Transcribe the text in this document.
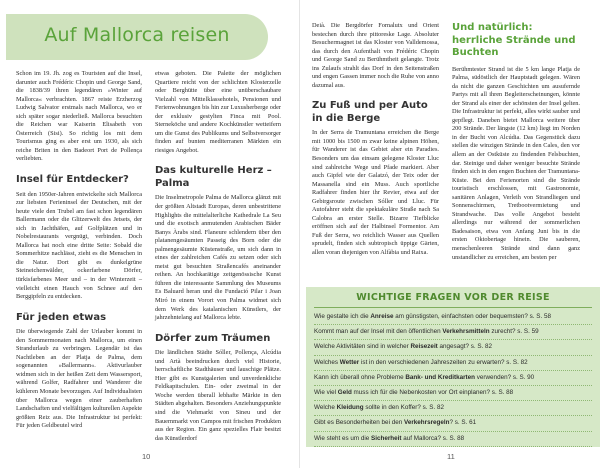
Auf Mallorca reisen
Schon im 19. Jh. zog es Touristen auf die Insel, darunter auch Frédéric Chopin und George Sand, die 1838/39 ihren legendären »Winter auf Mallorca« verbrachten. 1867 reiste Erzherzog Ludwig Salvator erstmals nach Mallorca, wo er sich später sogar niederließ. Mallorca besuchten die Reichen war Kaiserin Elisabeth von Österreich (Sisi). So richtig los mit dem Tourismus ging es aber erst um 1930, als sich reiche Briten in den Badeort Port de Pollença verliebten.
Insel für Entdecker?
Seit den 1950er-Jahren entwickelte sich Mallorca zur liebsten Ferieninsel der Deutschen, mit der heute viele den Trubel am fast schon legendären Ballermann oder die Glitzerwelt des Jetsets, der sich in Jachthäfen, auf Golfplätzen und in Nobelrestaurants vergnügt, verbinden. Doch Mallorca hat noch eine dritte Seite: Sobald die Sommerhitze nachlässt, zieht es die Menschen in die Natur. Dort gibt es dunkelgrüne Steineichenwälder, ockerfarbene Dörfer, türkisfarbenes Meer und – in der Winterzeit – vielleicht einen Hauch von Schnee auf den Berggipfeln zu entdecken.
Für jeden etwas
Die überwiegende Zahl der Urlauber kommt in den Sommermonaten nach Mallorca, um einen Strandurlaub zu verbringen. Legendär ist das Nachtleben an der Platja de Palma, dem sogenannten »Ballermann«. Aktivurlauber widmen sich in der heißen Zeit dem Wassersport, während Golfer, Radfahrer und Wanderer die kühleren Monate bevorzugen. Auf Individualisten über Mallorca wegen einer zauberhaften Landschaften und vielfältigen kulturellen Aspekte größten Reiz aus. Die Infrastruktur ist perfekt: Für jeden Geldbeutel wird
etwas geboten. Die Palette der möglichen Quartiere reicht von der schlichten Klosterzelle oder Berghütte über eine unüberschaubare Vielzahl von Mittelklassehotels, Pensionen und Ferienwohnungen bis hin zur Luxusherberge oder der exklusiv gestylten Finca mit Pool. Sterneköche und andere Kochkünstler wetteifern um die Gunst des Publikums und Selbstversorger finden auf bunten mediterranen Märkten ein riesiges Angebot.
Das kulturelle Herz – Palma
Die Inselmetropole Palma de Mallorca glänzt mit der größten Altstadt Europas, deren unbestrittene Highlights die mittelalterliche Kathedrale La Seu und die exotisch anmutenden Arabischen Bäder Banys Àrabs sind. Flaneure schlendern über den platanengesäumten Passeig des Born oder die palmengesäumte Küstenstraße, um sich dann in eines der zahlreichen Cafés zu setzen oder sich meist gut besuchten Straßencafés aneinander reihen. An hochkarätige zeitgenössische Kunst führen die interessante Sammlung des Museums Es Baluard heran und die Fundació Pilar i Joan Miró in einem Vorort von Palma widmet sich dem Werk des katalanischen Künstlers, der jahrzehntelang auf Mallorca lebte.
Dörfer zum Träumen
Die ländlichen Städte Sóller, Pollença, Alcúdia und Artà beeindrucken durch viel Historie, herrschaftliche Stadthäuser und lauschige Plätze. Hier gibt es Kunstgalerien und unverdenkliche Feldkapitschulen. Ein- oder zweimal in der Woche werden überall lebhafte Märkte in den Städten abgehalten. Besonders Anziehungspunkte sind die Viehmarkt von Sineu und der Bauernmarkt von Campos mit frischen Produkten aus der Region. Ein ganz spezielles Flair besitzt das Künstlerdorf
Deià. Die Bergdörfer Fornalutx und Orient bestechen durch ihre pittoreske Lage. Absoluter Besuchermagnet ist das Kloster von Valldemossa, das durch den Aufenthalt von Frédéric Chopin und George Sand zu Berühmtheit gelangte. Trotz ins Zulaufs strahlt das Dorf in den Seitenstraßen und engen Gassen immer noch die Ruhe von anno dazumal aus.
Zu Fuß und per Auto in die Berge
In der Serra de Tramuntana erreichen die Berge mit 1000 bis 1500 m zwar keine alpinen Höhen, für Wanderer ist das Gebiet aber ein Paradies. Besonders um das einsam gelegene Kloster Lluc sind zahlreiche Wege und Pfade markiert. Aber auch Gipfel wie der Galatzó, der Teix oder der Massanella sind ein Muss. Auch sportliche Radfahrer finden hier ihr Revier, etwa auf der Gebirgsroute zwischen Sóller und Lluc. Für Autofahrer steht die spektakuläre Straße nach Sa Calobra an erster Stelle. Bizarre Tiefblicke eröffnen sich auf der Halbinsel Formentor. Am Fuß der Serra, wo reichlich Wasser aus Quellen sprudelt, finden sich subtropisch üppige Gärten, allen voran diejenigen von Alfàbia und Raixa.
Und natürlich: herrliche Strände und Buchten
Berühmtester Strand ist die 5 km lange Platja de Palma, südöstlich der Hauptstadt gelegen. Wären da nicht die ganzen Geschichten um ausufernde Partys mit all ihren Begleiterscheinungen, könnte der Strand als einer der schönsten der Insel gelten. Die Infrastruktur ist perfekt, alles wirkt sauber und gepflegt. Daneben bietet Mallorca weitere über 200 Strände. Der längste (12 km) liegt im Norden in der Bucht von Alcúdia. Das Gegenstück dazu stellen die winzigen Strände in den Cales, den vor allem an der Ostküste zu findenden Felsbuchten, dar. Steinige und daher weniger besuchte Strände finden sich in den engen Buchten der Tramuntana-Küste. Bei den Ferienorten sind die Strände touristisch erschlossen, mit Gastronomie, sanitären Anlagen, Verleih von Strandliegen und Sonnenschirmen, Tretbootvermietung und Strandwache. Das volle Angebot besteht allerdings nur während der sommerlichen Badesaison, etwa von Anfang Juni bis in die ersten Oktobertage hinein. Die sauberen, menschenleeren Strände sind dann ganz unstandlicher zu erreichen, am besten per
WICHTIGE FRAGEN VOR DER REISE
Wie gestalte ich die Anreise am günstigsten, einfachsten oder bequemsten? s. S. 58
Kommt man auf der Insel mit den öffentlichen Verkehrsmitteln zurecht? s. S. 59
Welche Aktivitäten sind in welcher Reisezeit angesagt? s. S. 82
Welches Wetter ist in den verschiedenen Jahreszeiten zu erwarten? s. S. 82
Kann ich überall ohne Probleme Bank- und Kreditkarten verwenden? s. S. 90
Wie viel Geld muss ich für die Nebenkosten vor Ort einplanen? s. S. 88
Welche Kleidung sollte in den Koffer? s. S. 82
Gibt es Besonderheiten bei den Verkehrsregeln? s. S. 61
Wie steht es um die Sicherheit auf Mallorca? s. S. 88
10	11
